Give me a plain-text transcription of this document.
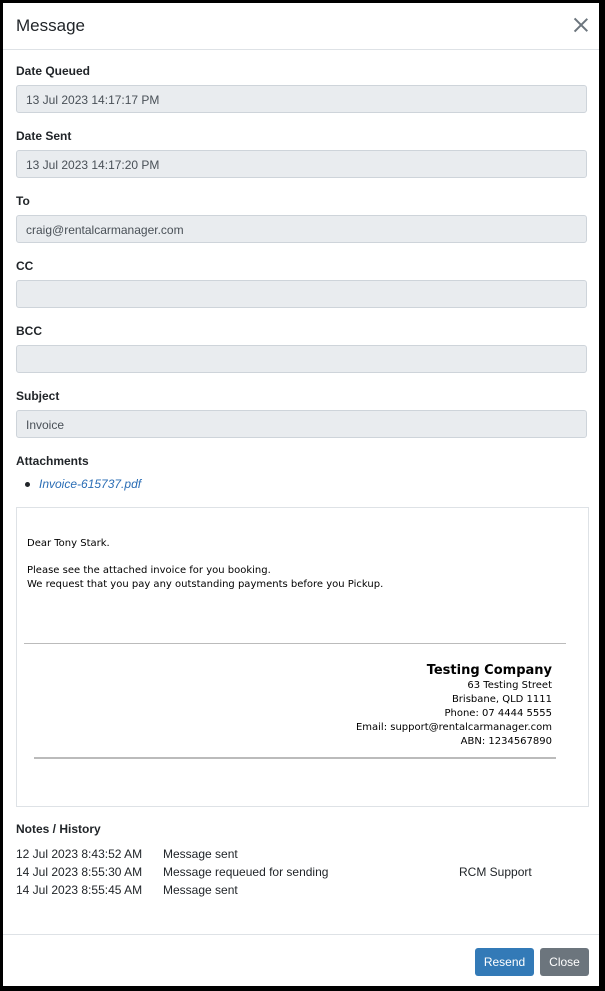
Message
Date Queued
13 Jul 2023 14:17:17 PM
Date Sent
13 Jul 2023 14:17:20 PM
To
craig@rentalcarmanager.com
CC
BCC
Subject
Invoice
Attachments
Invoice-615737.pdf
Dear Tony Stark.
Please see the attached invoice for you booking.
We request that you pay any outstanding payments before you Pickup.
Testing Company
63 Testing Street
Brisbane, QLD 1111
Phone: 07 4444 5555
Email: support@rentalcarmanager.com
ABN: 1234567890
Notes / History
12 Jul 2023 8:43:52 AM Message sent
14 Jul 2023 8:55:30 AM Message requeued for sending	RCM Support
14 Jul 2023 8:55:45 AM Message sent
Resend	Close
